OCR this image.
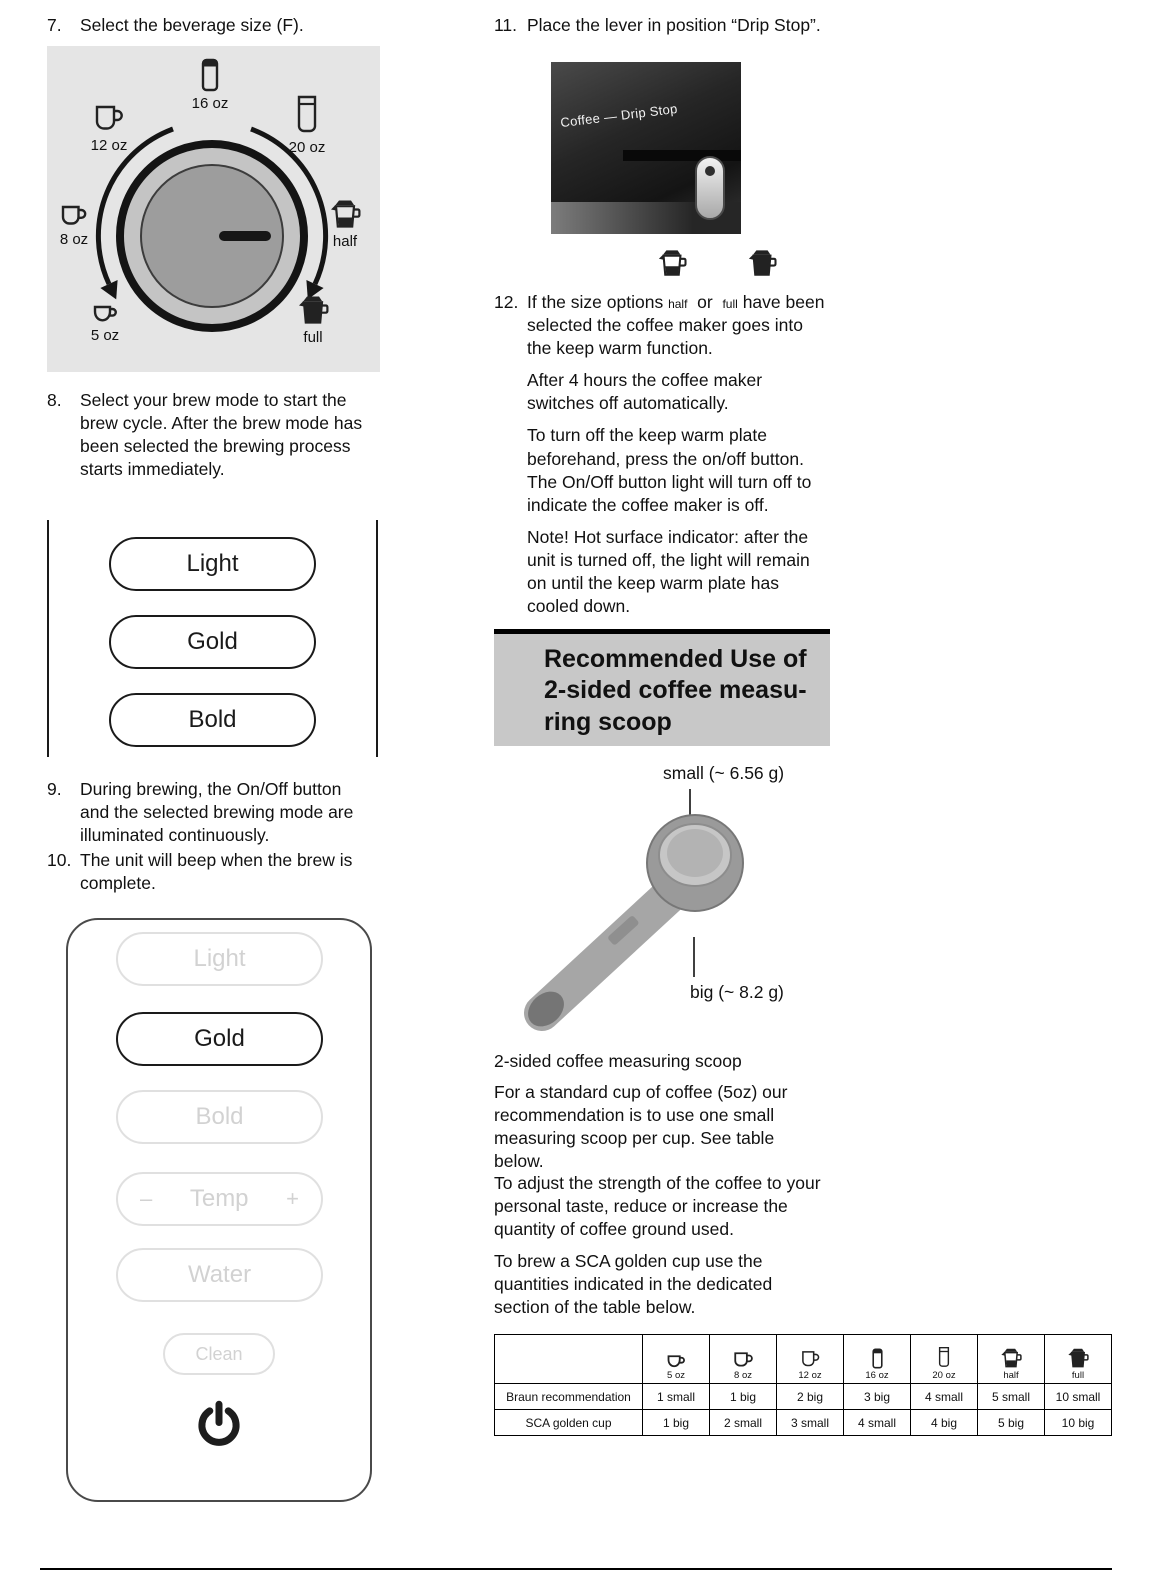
7.	Select the beverage size (F).
16 oz
12 oz	20 oz
8 oz	half
5 oz	full
8.	Select your brew mode to start the brew cycle. After the brew mode has been selected the brewing process starts immediately.
Light
Gold
Bold
9.	During brewing, the On/Off button and the selected brewing mode are illuminated continuously.
10. The unit will beep when the brew is complete.
Light
Gold
Bold
– Temp +
Water
Clean
11. Place the lever in position “Drip Stop”.
Coffee — Drip Stop
12. If the size options half or full have been selected the coffee maker goes into the keep warm function.

After 4 hours the coffee maker switches off automatically.

To turn off the keep warm plate beforehand, press the on/off button. The On/Off button light will turn off to indicate the coffee maker is off.

Note! Hot surface indicator: after the unit is turned off, the light will remain on until the keep warm plate has cooled down.

Recommended Use of
2-sided coffee measu-
ring scoop
small (~ 6.56 g)
big (~ 8.2 g)
2-sided coffee measuring scoop
For a standard cup of coffee (5oz) our recommendation is to use one small measuring scoop per cup. See table below.
To adjust the strength of the coffee to your personal taste, reduce or increase the quantity of coffee ground used.
To brew a SCA golden cup use the quantities indicated in the dedicated section of the table below.

	5 oz	8 oz	12 oz	16 oz	20 oz	half	full

Braun recommendation	1 small	1 big	2 big	3 big	4 small	5 small	10 small
SCA golden cup	1 big	2 small	3 small	4 small	4 big	5 big	10 big
